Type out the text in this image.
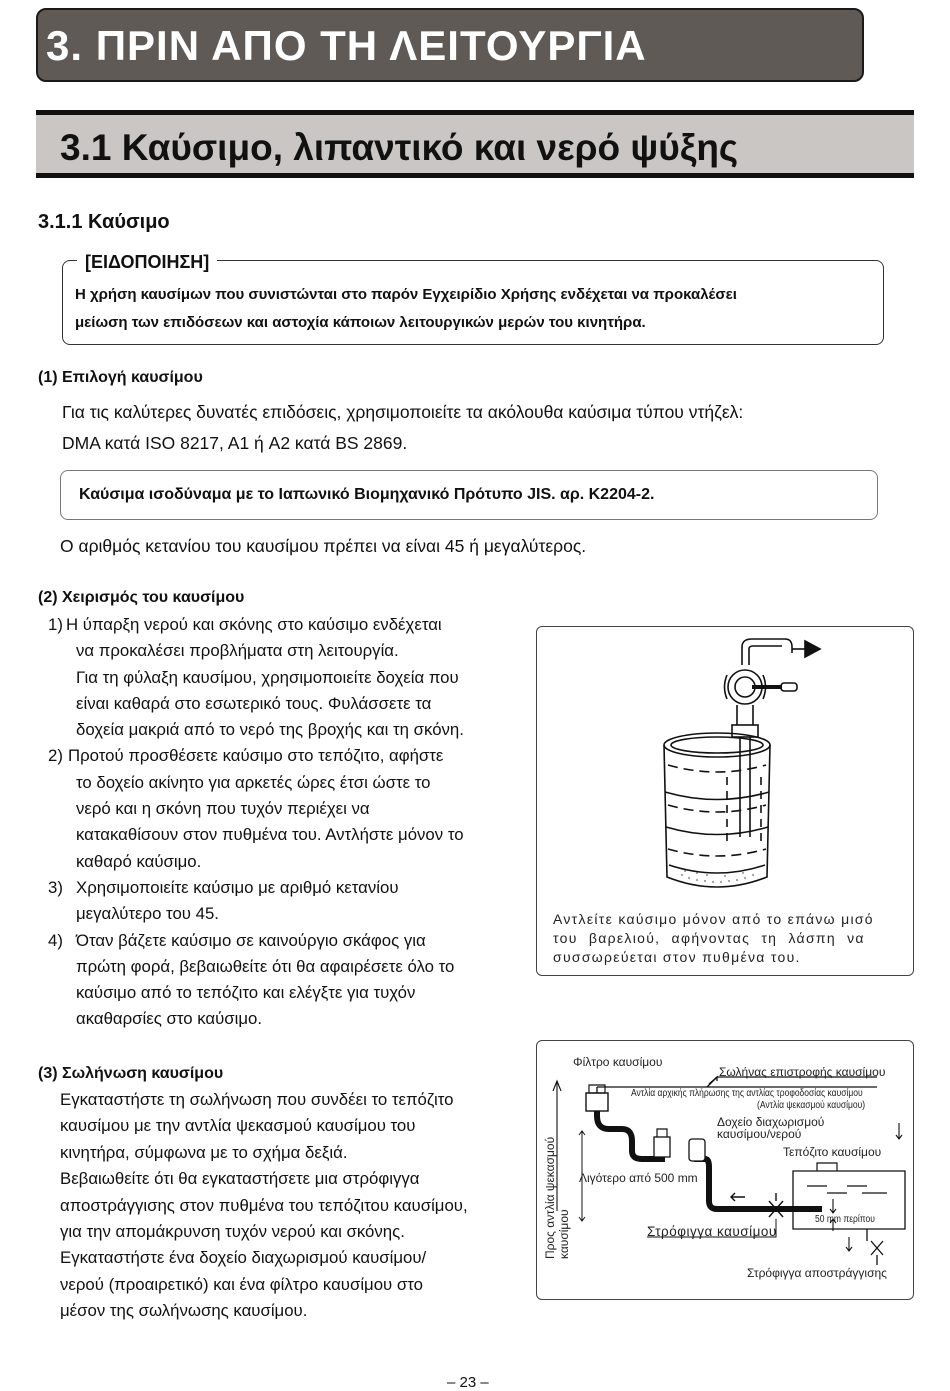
3. ΠΡΙΝ ΑΠΟ ΤΗ ΛΕΙΤΟΥΡΓΙΑ
3.1 Καύσιμο, λιπαντικό και νερό ψύξης
3.1.1 Καύσιμο
[ΕΙΔΟΠΟΙΗΣΗ]
Η χρήση καυσίμων που συνιστώνται στο παρόν Εγχειρίδιο Χρήσης ενδέχεται να προκαλέσει
μείωση των επιδόσεων και αστοχία κάποιων λειτουργικών μερών του κινητήρα.
(1) Επιλογή καυσίμου
Για τις καλύτερες δυνατές επιδόσεις, χρησιμοποιείτε τα ακόλουθα καύσιμα τύπου ντήζελ:
DMA κατά ISO 8217, A1 ή A2 κατά BS 2869.
Καύσιμα ισοδύναμα με το Ιαπωνικό Βιομηχανικό Πρότυπο JIS. αρ. K2204-2.
Ο αριθμός κετανίου του καυσίμου πρέπει να είναι 45 ή μεγαλύτερος.
(2) Χειρισμός του καυσίμου
1) Η ύπαρξη νερού και σκόνης στο καύσιμο ενδέχεται

να προκαλέσει προβλήματα στη λειτουργία.

Για τη φύλαξη καυσίμου, χρησιμοποιείτε δοχεία που

είναι καθαρά στο εσωτερικό τους. Φυλάσσετε τα

δοχεία μακριά από το νερό της βροχής και τη σκόνη.

2) Προτού προσθέσετε καύσιμο στο τεπόζιτο, αφήστε

το δοχείο ακίνητο για αρκετές ώρες έτσι ώστε το

νερό και η σκόνη που τυχόν περιέχει να

κατακαθίσουν στον πυθμένα του. Αντλήστε μόνον το

καθαρό καύσιμο.

3) Χρησιμοποιείτε καύσιμο με αριθμό κετανίου

μεγαλύτερο του 45.

4) Όταν βάζετε καύσιμο σε καινούργιο σκάφος για

πρώτη φορά, βεβαιωθείτε ότι θα αφαιρέσετε όλο το

καύσιμο από το τεπόζιτο και ελέγξτε για τυχόν

ακαθαρσίες στο καύσιμο.

Αντλείτε καύσιμο μόνον από το επάνω μισό
του βαρελιού, αφήνοντας τη λάσπη να
συσσωρεύεται στον πυθμένα του.
(3) Σωλήνωση καυσίμου
Εγκαταστήστε τη σωλήνωση που συνδέει το τεπόζιτο
καυσίμου με την αντλία ψεκασμού καυσίμου του
κινητήρα, σύμφωνα με το σχήμα δεξιά.
Βεβαιωθείτε ότι θα εγκαταστήσετε μια στρόφιγγα
αποστράγγισης στον πυθμένα του τεπόζιτου καυσίμου,
για την απομάκρυνση τυχόν νερού και σκόνης.
Εγκαταστήστε ένα δοχείο διαχωρισμού καυσίμου/
νερού (προαιρετικό) και ένα φίλτρο καυσίμου στο
μέσον της σωλήνωσης καυσίμου.
Φίλτρο καυσίμου
Σωλήνας επιστροφής καυσίμου
Αντλία αρχικής πλήρωσης της αντλίας τροφοδοσίας καυσίμου
(Αντλία ψεκασμού καυσίμου)
Δοχείο διαχωρισμού
καυσίμου/νερού
Τεπόζιτο καυσίμου
Λιγότερο από 500 mm
50 mm περίπου
Στρόφιγγα καυσίμου
Στρόφιγγα αποστράγγισης
Προς αντλία ψεκασμού καυσίμου
– 23 –
